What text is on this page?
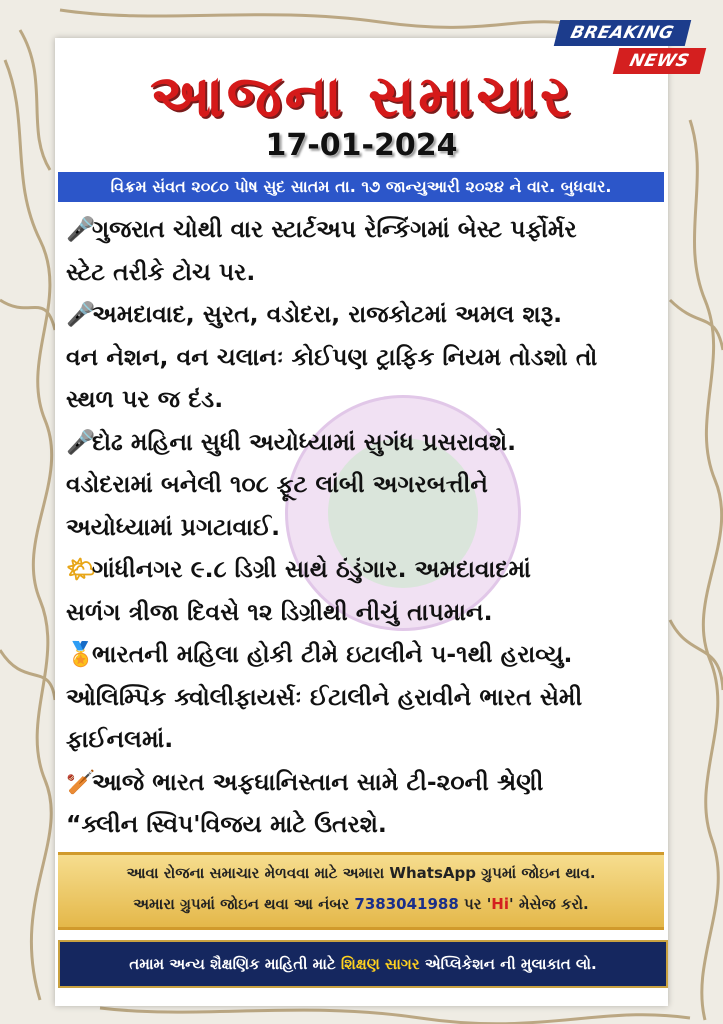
BREAKING
NEWS
આજના સમાચાર
17-01-2024
વિક્રમ સંવત ૨૦૮૦ પોષ સુદ સાતમ તા. ૧૭ જાન્યુઆરી ૨૦૨૪ ને વાર. બુધવાર.
🎤ગુજરાત ચોથી વાર સ્ટાર્ટઅપ રેન્કિંગમાં બેસ્ટ પર્ફોર્મર
સ્ટેટ તરીકે ટોચ પર.
🎤અમદાવાદ, સુરત, વડોદરા, રાજકોટમાં અમલ શરૂ.
વન નેશન, વન ચલાનઃ કોઈપણ ટ્રાફિક નિયમ તોડશો તો
સ્થળ પર જ દંડ.
🎤દોઢ મહિના સુધી અયોધ્યામાં સુગંધ પ્રસરાવશે.
વડોદરામાં બનેલી ૧૦૮ ફૂટ લાંબી અગરબત્તીને
અયોધ્યામાં પ્રગટાવાઈ.
🌤ગાંધીનગર ૯.૮ ડિગ્રી સાથે ઠંડુંગાર. અમદાવાદમાં
સળંગ ત્રીજા દિવસે ૧૨ ડિગ્રીથી નીચું તાપમાન.
🏅ભારતની મહિલા હોકી ટીમે ઇટાલીને ૫-૧થી હરાવ્યુ.
ઓલિમ્પિક ક્વોલીફાયર્સઃ ઈટાલીને હરાવીને ભારત સેમી
ફાઈનલમાં.
🏏આજે ભારત અફઘાનિસ્તાન સામે ટી-૨૦ની શ્રેણી
“ક્લીન સ્વિપ'વિજય માટે ઉતરશે.
આવા રોજના સમાચાર મેળવવા માટે અમારા WhatsApp ગ્રુપમાં જોઇન થાવ.
અમારા ગ્રુપમાં જોઇન થવા આ નંબર 7383041988 પર 'Hi' મેસેજ કરો.
તમામ અન્ય શૈક્ષણિક માહિતી માટે શિક્ષણ સાગર એપ્લિકેશન ની મુલાકાત લો.
